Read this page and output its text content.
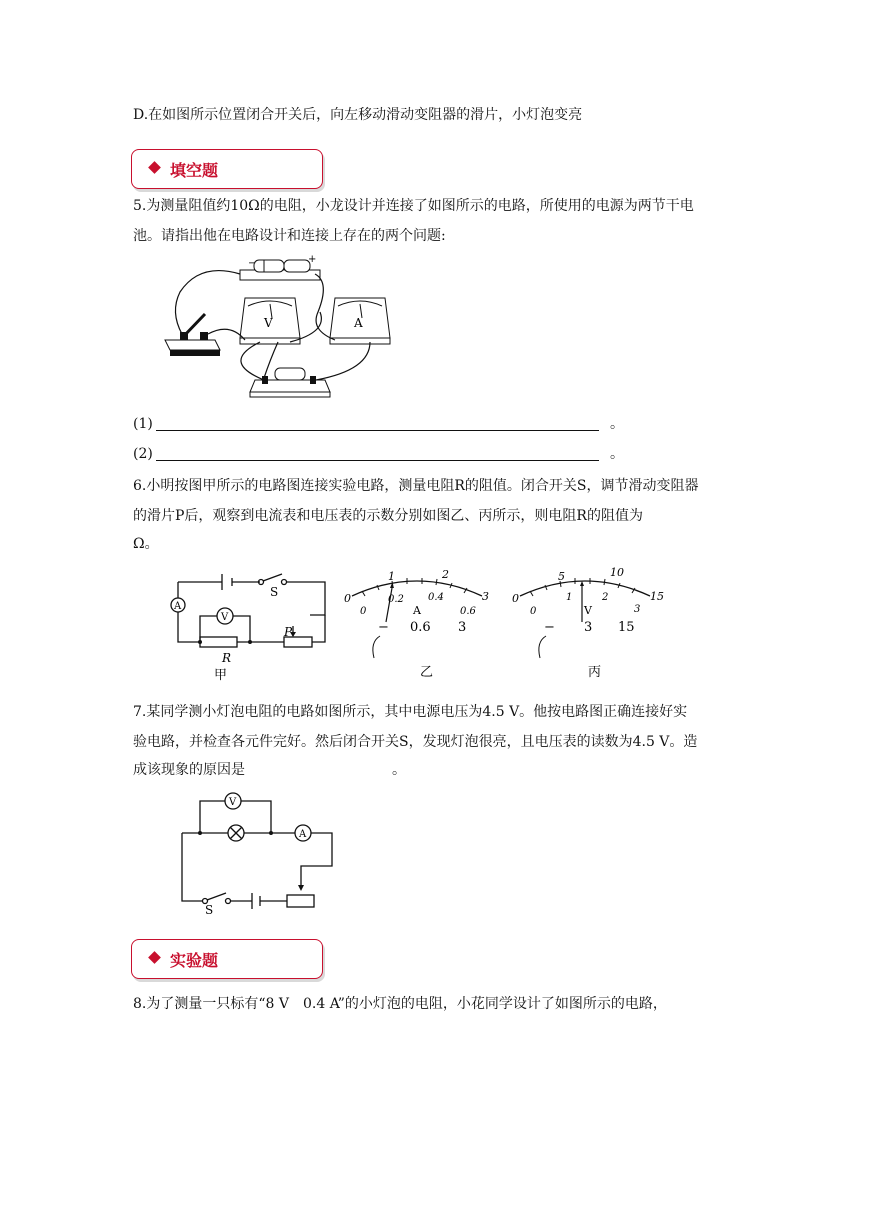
D.在如图所示位置闭合开关后，向左移动滑动变阻器的滑片，小灯泡变亮
填空题
5.为测量阻值约10Ω的电阻，小龙设计并连接了如图所示的电路，所使用的电源为两节干电
池。请指出他在电路设计和连接上存在的两个问题:
−	+
V	A
(1)	。
(2)	。
6.小明按图甲所示的电路图连接实验电路，测量电阻R的阻值。闭合开关S，调节滑动变阻器
的滑片P后，观察到电流表和电压表的示数分别如图乙、丙所示，则电阻R的阻值为
Ω。
A
V
S
P
R
甲
0
1	2
3
0
0.2 0.4
0.6
A
− 0.6 3
乙
0
5	10
15
0
1	2
3
V
− 3 15
丙
7.某同学测小灯泡电阻的电路如图所示，其中电源电压为4.5 V。他按电路图正确连接好实
验电路，并检查各元件完好。然后闭合开关S，发现灯泡很亮，且电压表的读数为4.5 V。造
成该现象的原因是	。
V
A
S
实验题
8.为了测量一只标有“8 V　0.4 A”的小灯泡的电阻，小花同学设计了如图所示的电路，
